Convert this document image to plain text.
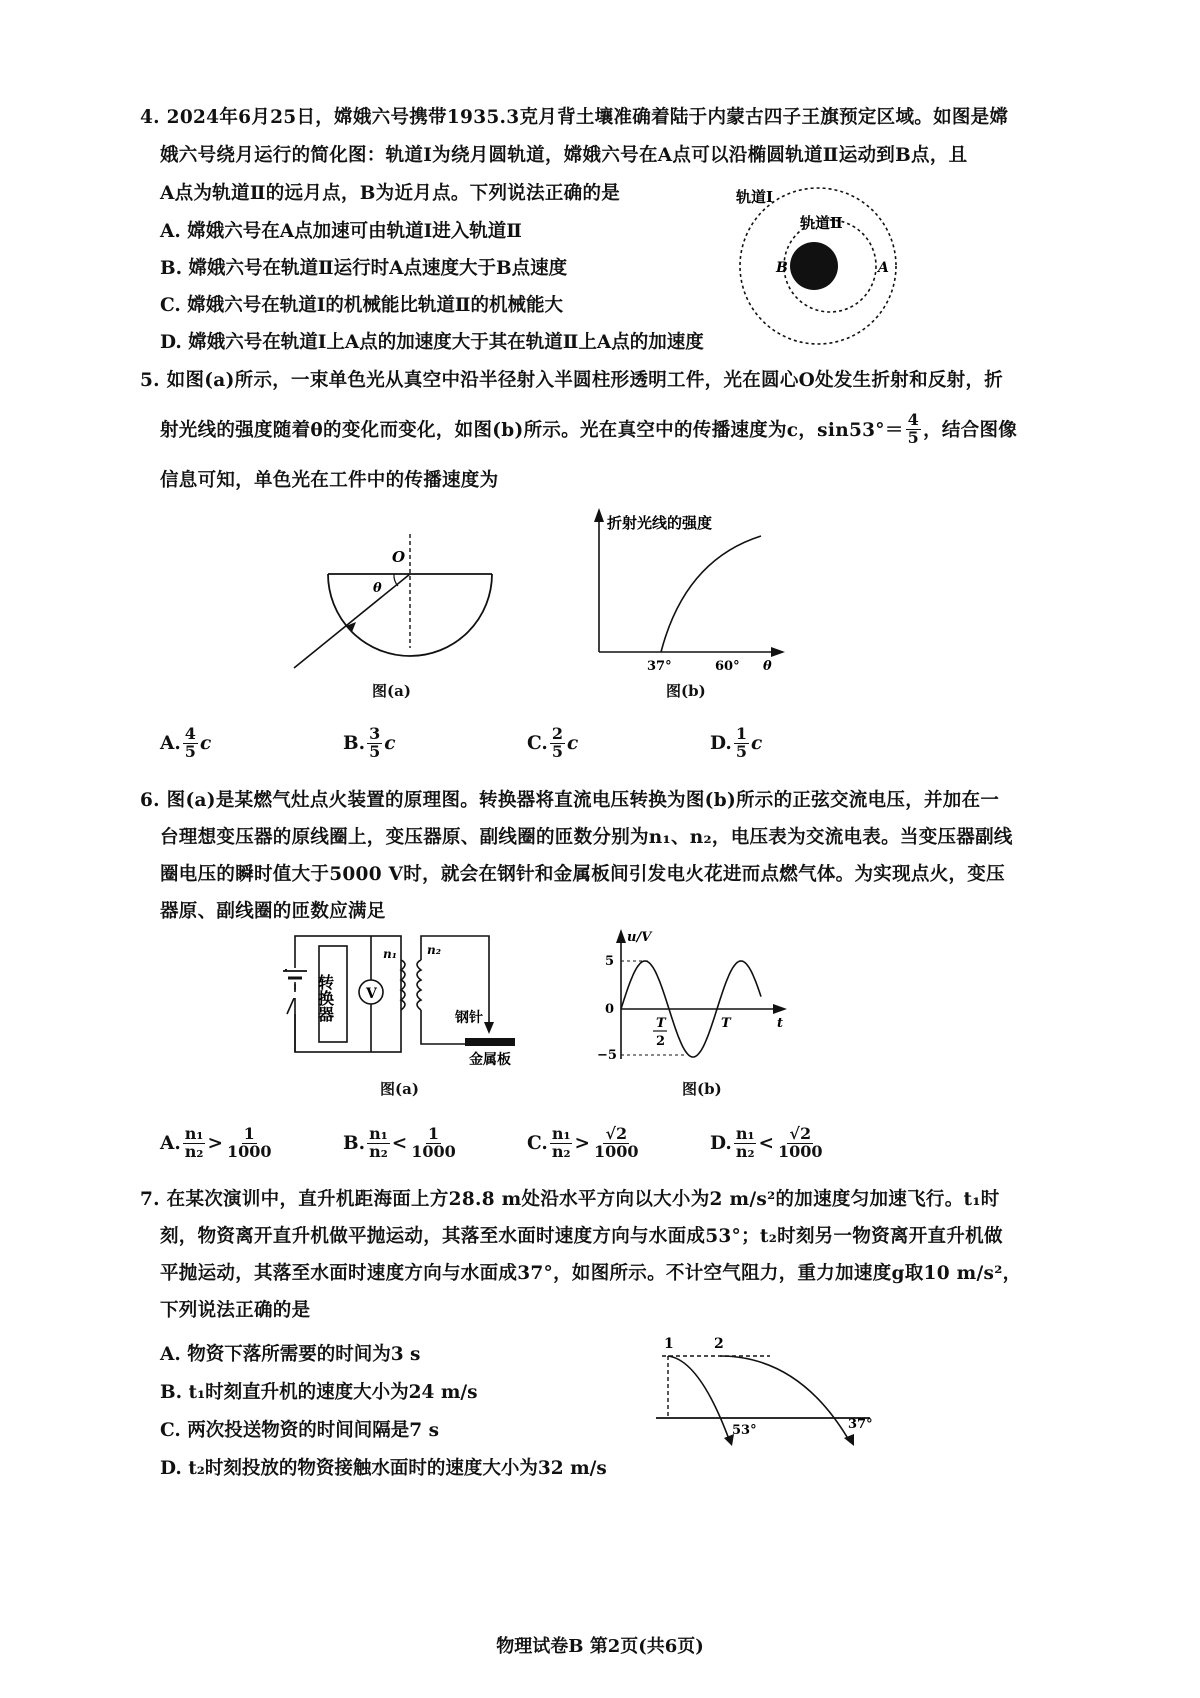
4. 2024年6月25日，嫦娥六号携带1935.3克月背土壤准确着陆于内蒙古四子王旗预定区域。如图是嫦
娥六号绕月运行的简化图：轨道Ⅰ为绕月圆轨道，嫦娥六号在A点可以沿椭圆轨道Ⅱ运动到B点，且
A点为轨道Ⅱ的远月点，B为近月点。下列说法正确的是
A. 嫦娥六号在A点加速可由轨道Ⅰ进入轨道Ⅱ
B. 嫦娥六号在轨道Ⅱ运行时A点速度大于B点速度
C. 嫦娥六号在轨道Ⅰ的机械能比轨道Ⅱ的机械能大
D. 嫦娥六号在轨道Ⅰ上A点的加速度大于其在轨道Ⅱ上A点的加速度
轨道Ⅰ
轨道Ⅱ
B	A
5. 如图(a)所示，一束单色光从真空中沿半径射入半圆柱形透明工件，光在圆心O处发生折射和反射，折
射光线的强度随着θ的变化而变化，如图(b)所示。光在真空中的传播速度为c，$\sin 53^\circ= \frac{4}{5}$ ，结合图像
信息可知，单色光在工件中的传播速度为
O
θ
图(a)
折射光线的强度
37°	60° θ
图(b)
A. $\frac{4}{5}$ c	B. $\frac{3}{5}$ c	C. $\frac{2}{5}$ c	D. $\frac{1}{5}$ c
6. 图(a)是某燃气灶点火装置的原理图。转换器将直流电压转换为图(b)所示的正弦交流电压，并加在一
台理想变压器的原线圈上，变压器原、副线圈的匝数分别为n₁、n₂，电压表为交流电表。当变压器副线
圈电压的瞬时值大于5000 V时，就会在钢针和金属板间引发电火花进而点燃气体。为实现点火，变压
器原、副线圈的匝数应满足
转换器 V
n₁	n₂
钢针
金属板
图(a)
u/V
5
0
−5
T
2
T	t
图(b)
A. $\frac{\text{n₁}}{\text{n₂}} > \frac{1}{1000}$	B. $\frac{\text{n₁}}{\text{n₂}} < \frac{1}{1000}$	C. $\frac{\text{n₁}}{\text{n₂}} > \frac{√2}{1000}$	D. $\frac{\text{n₁}}{\text{n₂}} < \frac{√2}{1000}$
7. 在某次演训中，直升机距海面上方28.8 m处沿水平方向以大小为2 m/s²的加速度匀加速飞行。t₁时
刻，物资离开直升机做平抛运动，其落至水面时速度方向与水面成53°；t₂时刻另一物资离开直升机做
平抛运动，其落至水面时速度方向与水面成37°，如图所示。不计空气阻力，重力加速度g取10 m/s²，
下列说法正确的是
A. 物资下落所需要的时间为3 s
B. t₁时刻直升机的速度大小为24 m/s
C. 两次投送物资的时间间隔是7 s
D. t₂时刻投放的物资接触水面时的速度大小为32 m/s
1	2
53°	37°
物理试卷B 第2页(共6页)
